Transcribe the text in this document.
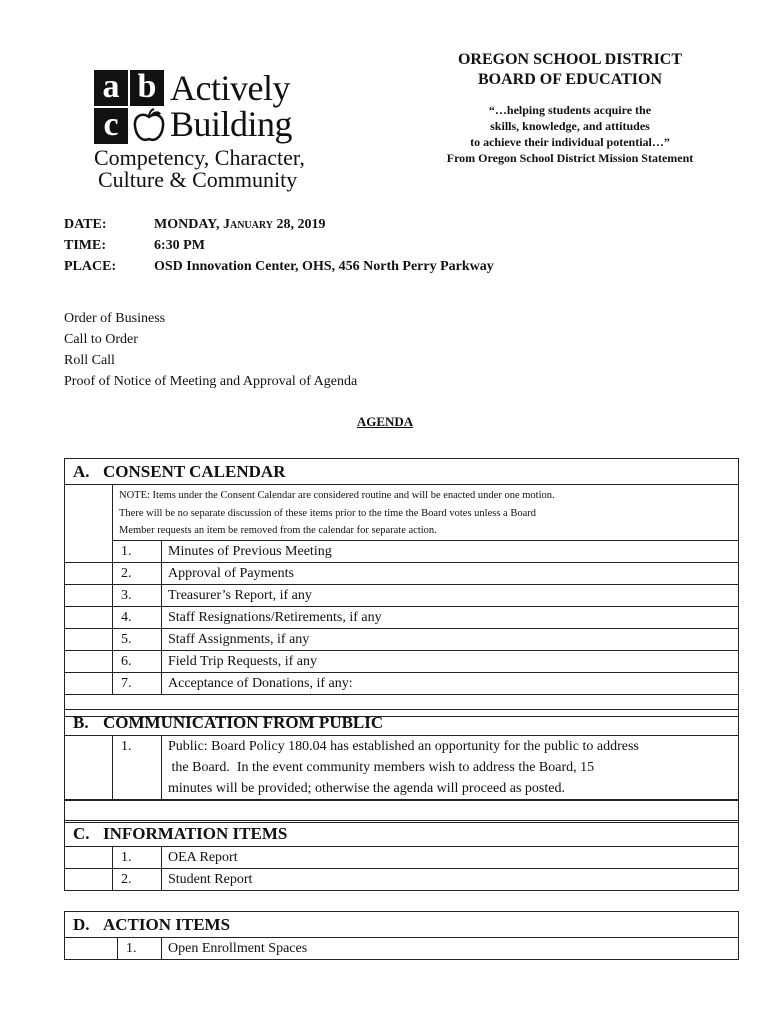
a b
c
Actively
Building
Competency, Character,
Culture & Community
OREGON SCHOOL DISTRICT
BOARD OF EDUCATION
“…helping students acquire the
skills, knowledge, and attitudes
to achieve their individual potential…”
From Oregon School District Mission Statement
DATE:	MONDAY, January 28, 2019
TIME:	6:30 PM
PLACE:	OSD Innovation Center, OHS, 456 North Perry Parkway
Order of Business
Call to Order
Roll Call
Proof of Notice of Meeting and Approval of Agenda
AGENDA
A. CONSENT CALENDAR
NOTE: Items under the Consent Calendar are considered routine and will be enacted under one motion.
There will be no separate discussion of these items prior to the time the Board votes unless a Board
Member requests an item be removed from the calendar for separate action.
1.	Minutes of Previous Meeting
2.	Approval of Payments
3.	Treasurer’s Report, if any
4.	Staff Resignations/Retirements, if any
5.	Staff Assignments, if any
6.	Field Trip Requests, if any
7.	Acceptance of Donations, if any:
B. COMMUNICATION FROM PUBLIC
1.	Public: Board Policy 180.04 has established an opportunity for the public to address
the Board.  In the event community members wish to address the Board, 15
minutes will be provided; otherwise the agenda will proceed as posted.
C. INFORMATION ITEMS
1.	OEA Report
2.	Student Report
D. ACTION ITEMS
1.	Open Enrollment Spaces
